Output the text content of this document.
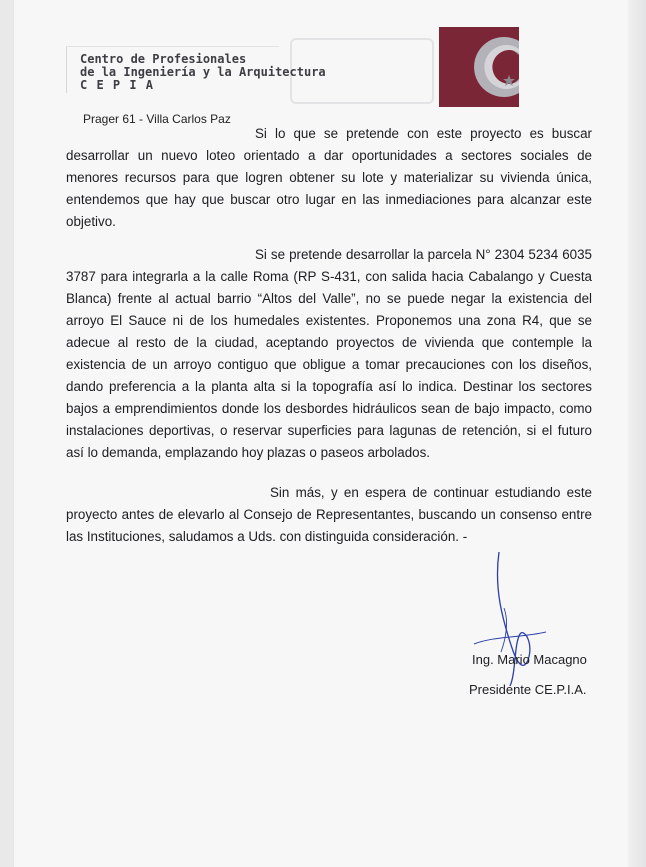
Centro de Profesionales
de la Ingeniería y la Arquitectura
C E P I A
Prager 61 - Villa Carlos Paz

Si lo que se pretende con este proyecto es buscar desarrollar un nuevo loteo orientado a dar oportunidades a sectores sociales de menores recursos para que logren obtener su lote y materializar su vivienda única, entendemos que hay que buscar otro lugar en las inmediaciones para alcanzar este objetivo.

Si se pretende desarrollar la parcela N° 2304 5234 6035 3787 para integrarla a la calle Roma (RP S-431, con salida hacia Cabalango y Cuesta Blanca) frente al actual barrio “Altos del Valle”, no se puede negar la existencia del arroyo El Sauce ni de los humedales existentes. Proponemos una zona R4, que se adecue al resto de la ciudad, aceptando proyectos de vivienda que contemple la existencia de un arroyo contiguo que obligue a tomar precauciones con los diseños, dando preferencia a la planta alta si la topografía así lo indica. Destinar los sectores bajos a emprendimientos donde los desbordes hidráulicos sean de bajo impacto, como instalaciones deportivas, o reservar superficies para lagunas de retención, si el futuro así lo demanda, emplazando hoy plazas o paseos arbolados.

Sin más, y en espera de continuar estudiando este proyecto antes de elevarlo al Consejo de Representantes, buscando un consenso entre las Instituciones, saludamos a Uds. con distinguida consideración. -

Ing. Mario Macagno
Presidente CE.P.I.A.
